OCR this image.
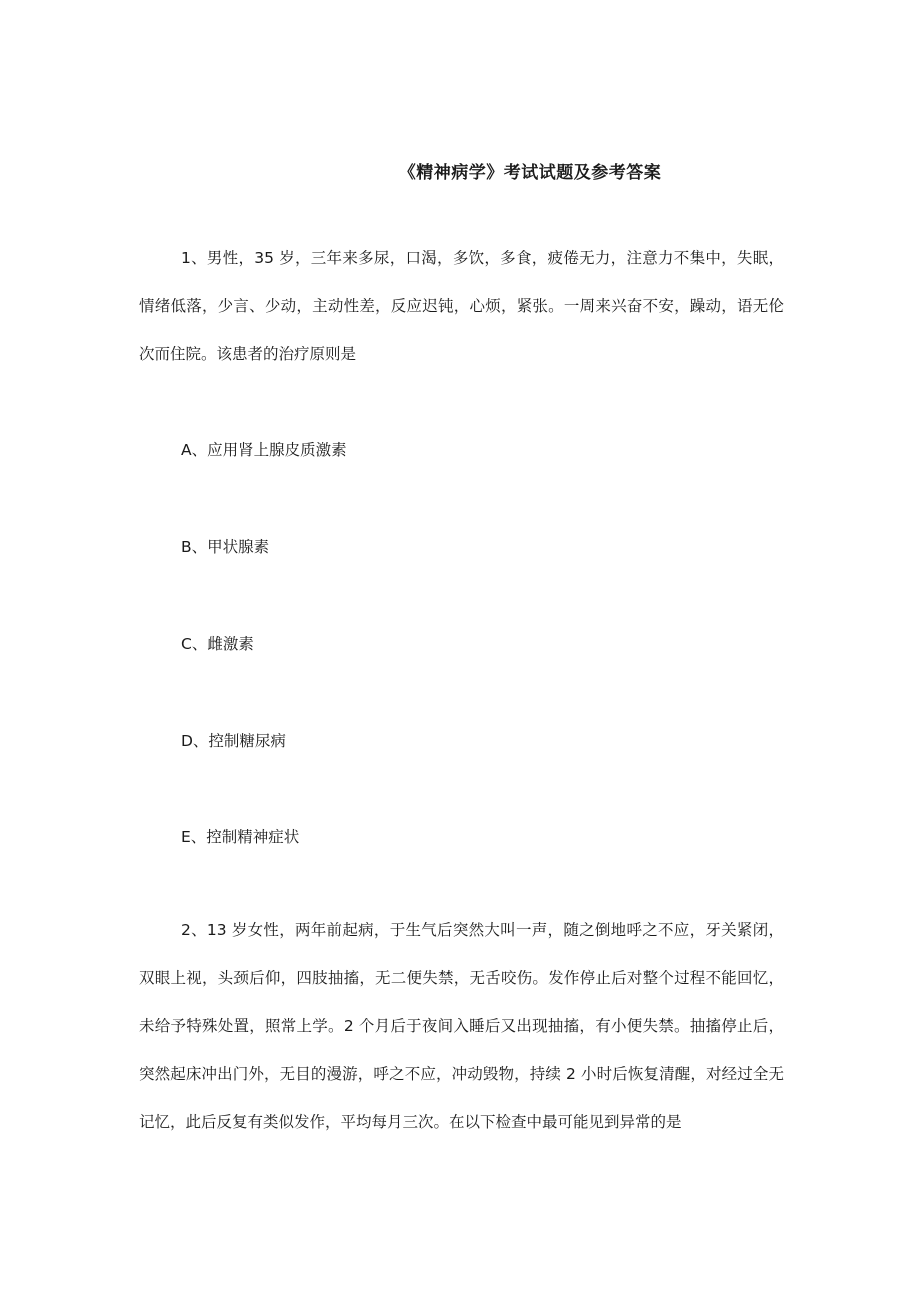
《精神病学》考试试题及参考答案

1、男性，35 岁，三年来多尿，口渴，多饮，多食，疲倦无力，注意力不集中，失眠，情绪低落，少言、少动，主动性差，反应迟钝，心烦，紧张。一周来兴奋不安，躁动，语无伦次而住院。该患者的治疗原则是

A、应用肾上腺皮质激素

B、甲状腺素

C、雌激素

D、控制糖尿病

E、控制精神症状

2、13 岁女性，两年前起病，于生气后突然大叫一声，随之倒地呼之不应，牙关紧闭，双眼上视，头颈后仰，四肢抽搐，无二便失禁，无舌咬伤。发作停止后对整个过程不能回忆，未给予特殊处置，照常上学。2 个月后于夜间入睡后又出现抽搐，有小便失禁。抽搐停止后，突然起床冲出门外，无目的漫游，呼之不应，冲动毁物，持续 2 小时后恢复清醒，对经过全无记忆，此后反复有类似发作，平均每月三次。在以下检查中最可能见到异常的是
